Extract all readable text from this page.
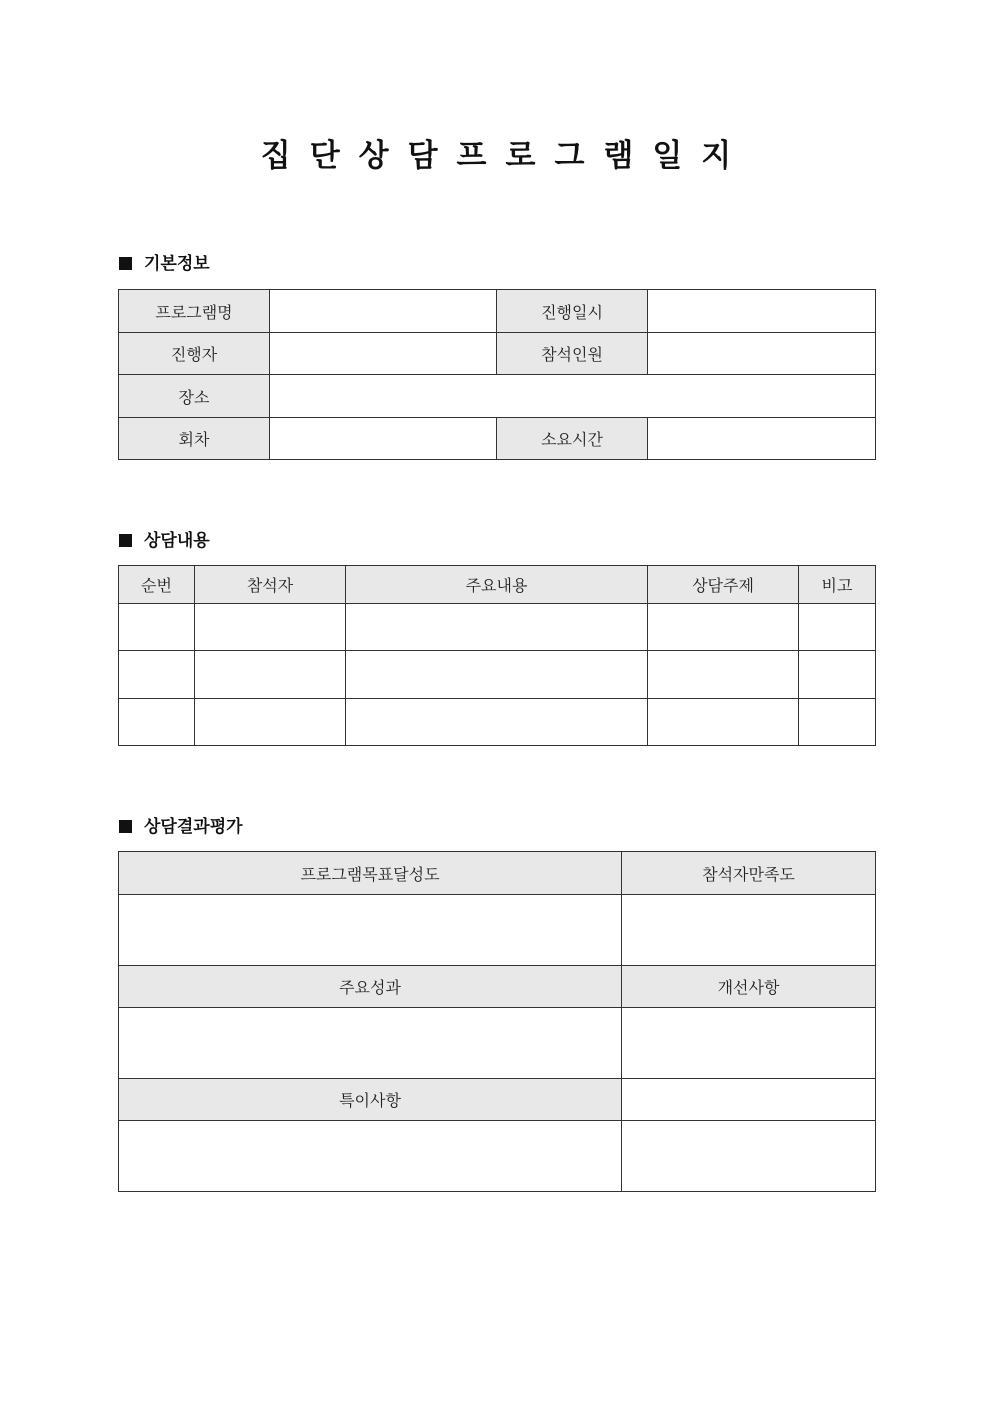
집단상담프로그램일지
기본정보
프로그램명		진행일시	
진행자		참석인원	
장소			
회차		소요시간	
상담내용
순번	참석자	주요내용	상담주제	비고

상담결과평가
프로그램목표달성도	참석자만족도

주요성과	개선사항

특이사항	
